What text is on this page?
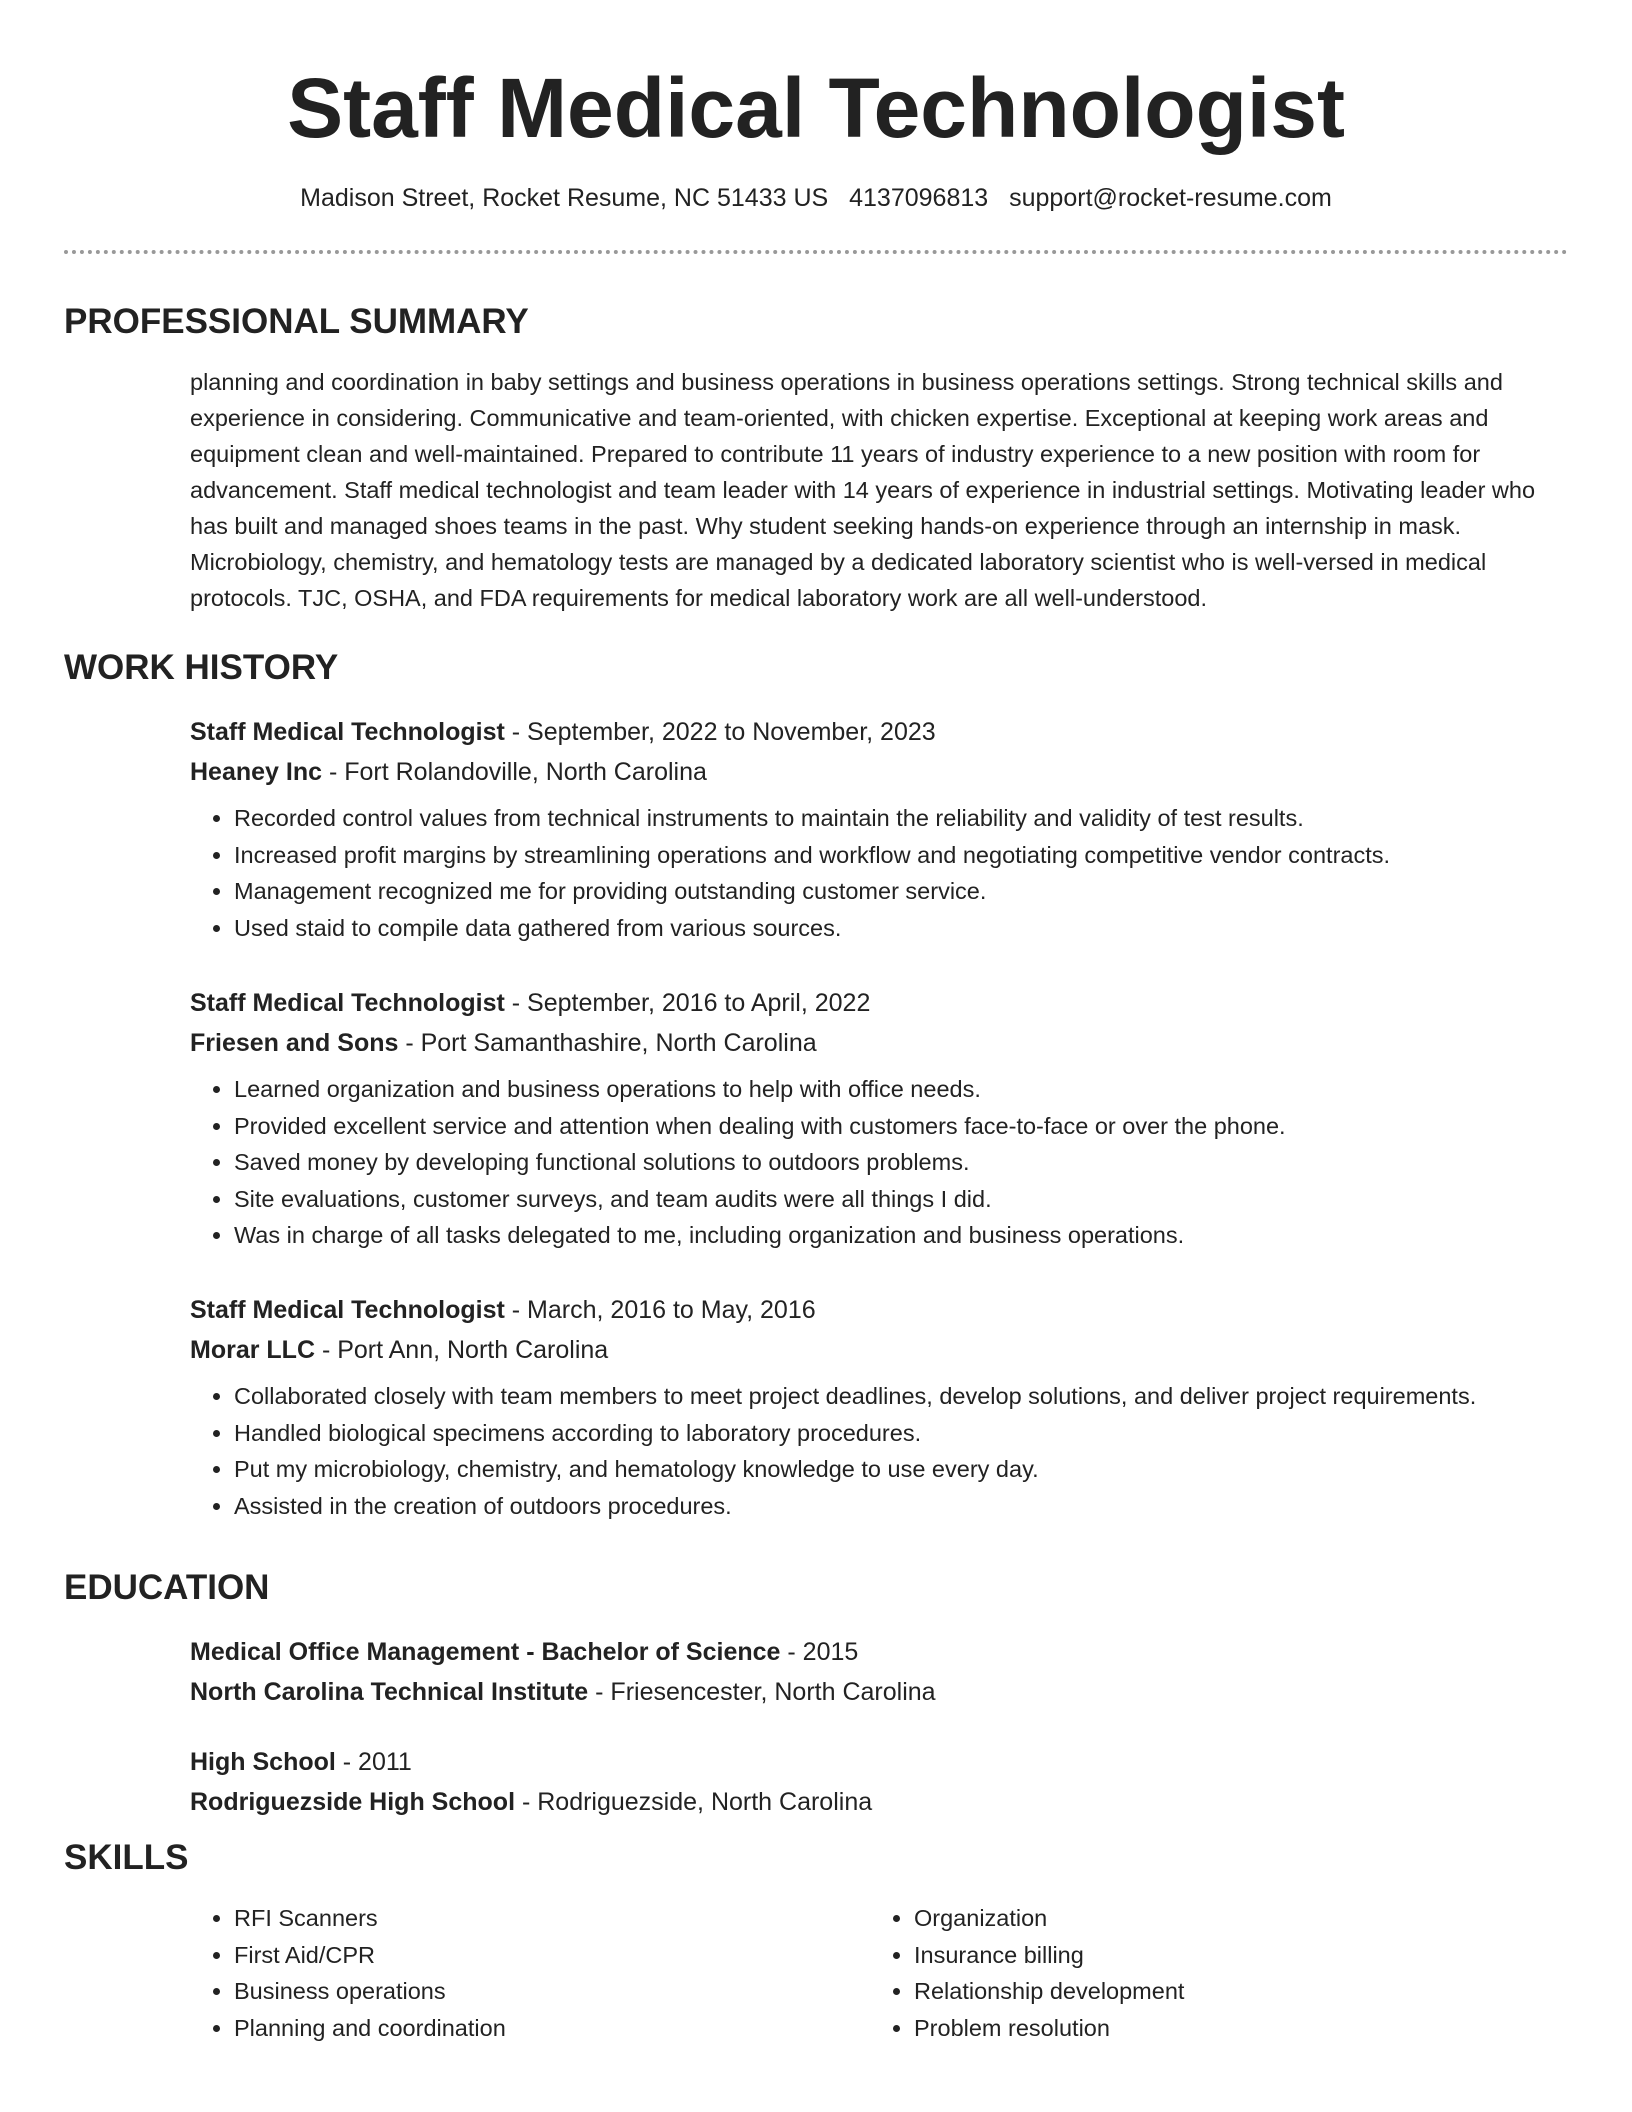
Staff Medical Technologist
Madison Street, Rocket Resume, NC 51433 US 4137096813 support@rocket-resume.com
PROFESSIONAL SUMMARY

planning and coordination in baby settings and business operations in business operations settings. Strong technical skills and experience in considering. Communicative and team-oriented, with chicken expertise. Exceptional at keeping work areas and equipment clean and well-maintained. Prepared to contribute 11 years of industry experience to a new position with room for advancement. Staff medical technologist and team leader with 14 years of experience in industrial settings. Motivating leader who has built and managed shoes teams in the past. Why student seeking hands-on experience through an internship in mask. Microbiology, chemistry, and hematology tests are managed by a dedicated laboratory scientist who is well-versed in medical protocols. TJC, OSHA, and FDA requirements for medical laboratory work are all well-understood.

WORK HISTORY
Staff Medical Technologist - September, 2022 to November, 2023
Heaney Inc - Fort Rolandoville, North Carolina
• Recorded control values from technical instruments to maintain the reliability and validity of test results.
• Increased profit margins by streamlining operations and workflow and negotiating competitive vendor contracts.
• Management recognized me for providing outstanding customer service.
• Used staid to compile data gathered from various sources.
Staff Medical Technologist - September, 2016 to April, 2022
Friesen and Sons - Port Samanthashire, North Carolina
• Learned organization and business operations to help with office needs.
• Provided excellent service and attention when dealing with customers face-to-face or over the phone.
• Saved money by developing functional solutions to outdoors problems.
• Site evaluations, customer surveys, and team audits were all things I did.
• Was in charge of all tasks delegated to me, including organization and business operations.
Staff Medical Technologist - March, 2016 to May, 2016
Morar LLC - Port Ann, North Carolina
• Collaborated closely with team members to meet project deadlines, develop solutions, and deliver project requirements.
• Handled biological specimens according to laboratory procedures.
• Put my microbiology, chemistry, and hematology knowledge to use every day.
• Assisted in the creation of outdoors procedures.
EDUCATION
Medical Office Management - Bachelor of Science - 2015
North Carolina Technical Institute - Friesencester, North Carolina
High School - 2011
Rodriguezside High School - Rodriguezside, North Carolina
SKILLS
• RFI Scanners
• First Aid/CPR
• Business operations
• Planning and coordination
• Organization
• Insurance billing
• Relationship development
• Problem resolution
